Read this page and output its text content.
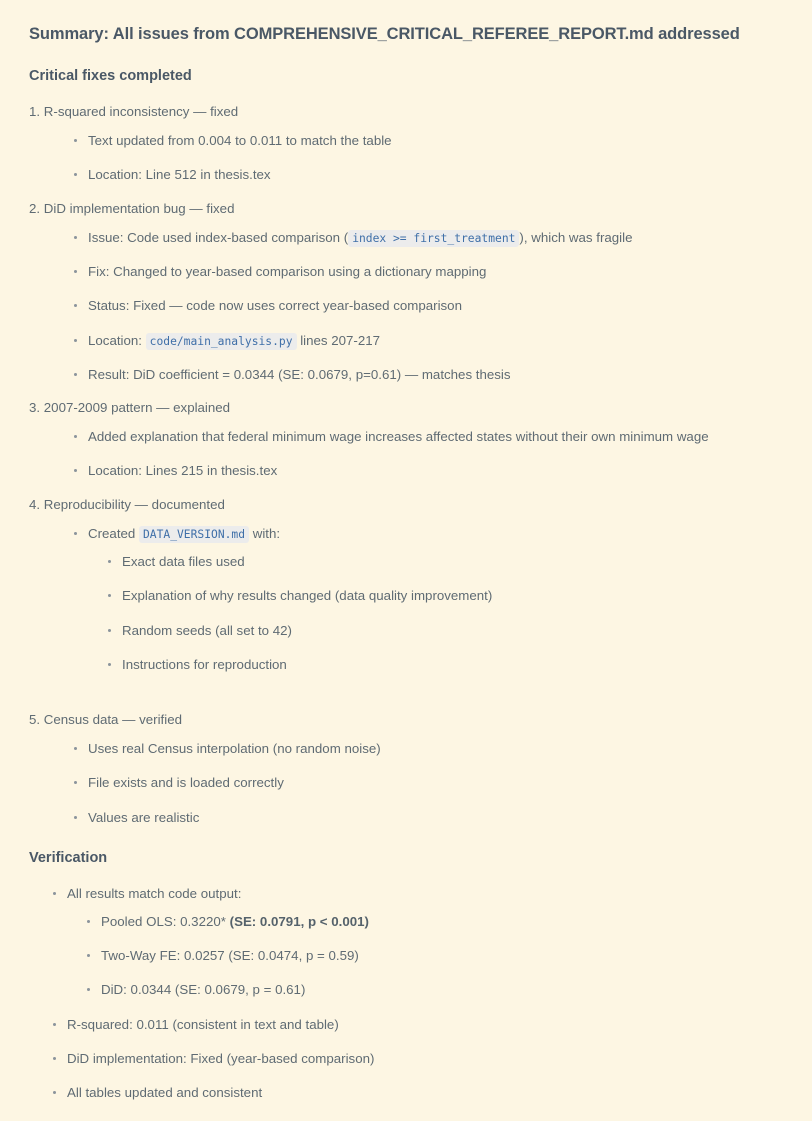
Summary: All issues from COMPREHENSIVE_CRITICAL_REFEREE_REPORT.md addressed
Critical fixes completed

1. R-squared inconsistency — fixed

Text updated from 0.004 to 0.011 to match the table
Location: Line 512 in thesis.tex

2. DiD implementation bug — fixed

Issue: Code used index-based comparison ( index >= first_treatment ), which was fragile
Fix: Changed to year-based comparison using a dictionary mapping
Status: Fixed — code now uses correct year-based comparison
Location: code/main_analysis.py lines 207-217
Result: DiD coefficient = 0.0344 (SE: 0.0679, p=0.61) — matches thesis

3. 2007-2009 pattern — explained

Added explanation that federal minimum wage increases affected states without their own minimum wage
Location: Lines 215 in thesis.tex

4. Reproducibility — documented

Created DATA_VERSION.md with:
Exact data files used
Explanation of why results changed (data quality improvement)
Random seeds (all set to 42)
Instructions for reproduction

5. Census data — verified

Uses real Census interpolation (no random noise)
File exists and is loaded correctly
Values are realistic
Verification
All results match code output:
Pooled OLS: 0.3220* (SE: 0.0791, p < 0.001)
Two-Way FE: 0.0257 (SE: 0.0474, p = 0.59)
DiD: 0.0344 (SE: 0.0679, p = 0.61)
R-squared: 0.011 (consistent in text and table)
DiD implementation: Fixed (year-based comparison)
All tables updated and consistent
